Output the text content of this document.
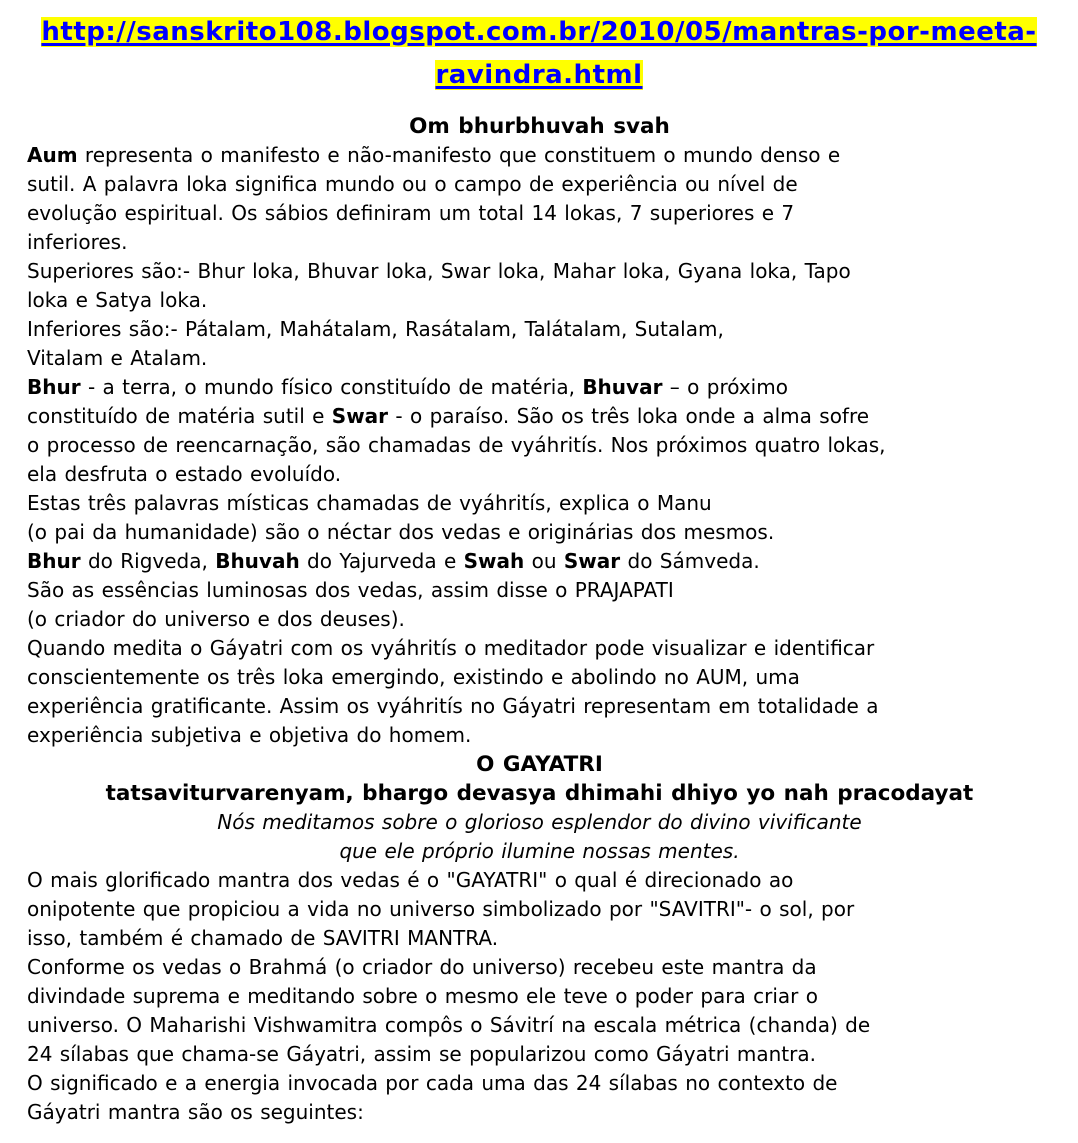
http://sanskrito108.blogspot.com.br/2010/05/mantras-por-meeta-
ravindra.html
Om bhurbhuvah svah
Aum representa o manifesto e não-manifesto que constituem o mundo denso e
sutil. A palavra loka significa mundo ou o campo de experiência ou nível de
evolução espiritual. Os sábios definiram um total 14 lokas, 7 superiores e 7
inferiores.
Superiores são:- Bhur loka, Bhuvar loka, Swar loka, Mahar loka, Gyana loka, Tapo
loka e Satya loka.
Inferiores são:- Pátalam, Mahátalam, Rasátalam, Talátalam, Sutalam,
Vitalam e Atalam.
Bhur - a terra, o mundo físico constituído de matéria, Bhuvar – o próximo
constituído de matéria sutil e Swar - o paraíso. São os três loka onde a alma sofre
o processo de reencarnação, são chamadas de vyáhritís. Nos próximos quatro lokas,
ela desfruta o estado evoluído.
Estas três palavras místicas chamadas de vyáhritís, explica o Manu
(o pai da humanidade) são o néctar dos vedas e originárias dos mesmos.
Bhur do Rigveda, Bhuvah do Yajurveda e Swah ou Swar do Sámveda.
São as essências luminosas dos vedas, assim disse o PRAJAPATI
(o criador do universo e dos deuses).
Quando medita o Gáyatri com os vyáhritís o meditador pode visualizar e identificar
conscientemente os três loka emergindo, existindo e abolindo no AUM, uma
experiência gratificante. Assim os vyáhritís no Gáyatri representam em totalidade a
experiência subjetiva e objetiva do homem.
O GAYATRI
tatsaviturvarenyam, bhargo devasya dhimahi dhiyo yo nah pracodayat
Nós meditamos sobre o glorioso esplendor do divino vivificante
que ele próprio ilumine nossas mentes.
O mais glorificado mantra dos vedas é o "GAYATRI" o qual é direcionado ao
onipotente que propiciou a vida no universo simbolizado por "SAVITRI"- o sol, por
isso, também é chamado de SAVITRI MANTRA.
Conforme os vedas o Brahmá (o criador do universo) recebeu este mantra da
divindade suprema e meditando sobre o mesmo ele teve o poder para criar o
universo. O Maharishi Vishwamitra compôs o Sávitrí na escala métrica (chanda) de
24 sílabas que chama-se Gáyatri, assim se popularizou como Gáyatri mantra.
O significado e a energia invocada por cada uma das 24 sílabas no contexto de
Gáyatri mantra são os seguintes:
